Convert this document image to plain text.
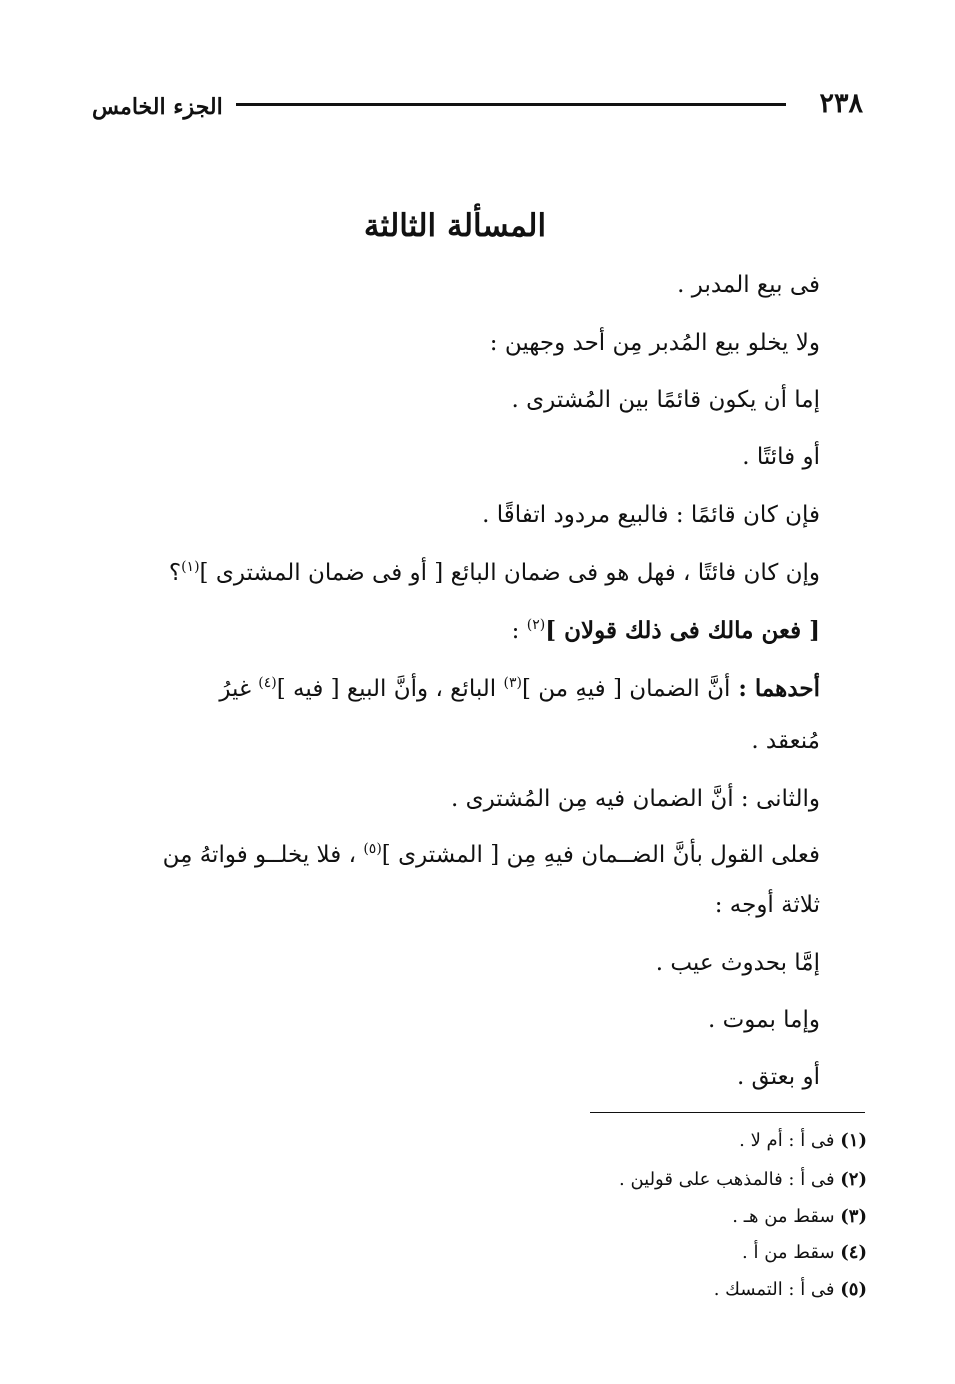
٢٣٨
الجزء الخامس
المسألة الثالثة
فى بيع المدبر .
ولا يخلو بيع المُدبر مِن أحد وجهين :
إما أن يكون قائمًا بين المُشترى .
أو فائتًا .
فإن كان قائمًا : فالبيع مردود اتفاقًا .
وإن كان فائتًا ، فهل هو فى ضمان البائع [ أو فى ضمان المشترى ]$^{(١)}$؟
[ فعن مالك فى ذلك قولان ]$^{(٢)}$ :
أحدهما : أنَّ الضمان [ فيهِ من ]$^{(٣)}$ البائع ، وأنَّ البيع [ فيه ]$^{(٤)}$ غيرُ
مُنعقد .
والثانى : أنَّ الضمان فيه مِن المُشترى .
فعلى القول بأنَّ الضــمان فيهِ مِن [ المشترى ]$^{(٥)}$ ، فلا يخلــو فواتهُ مِن
ثلاثة أوجه :
إمَّا بحدوث عيب .
وإما بموت .
أو بعتق .
(١) فى أ : أم لا .
(٢) فى أ : فالمذهب على قولين .
(٣) سقط من هـ .
(٤) سقط من أ .
(٥) فى أ : التمسك .
